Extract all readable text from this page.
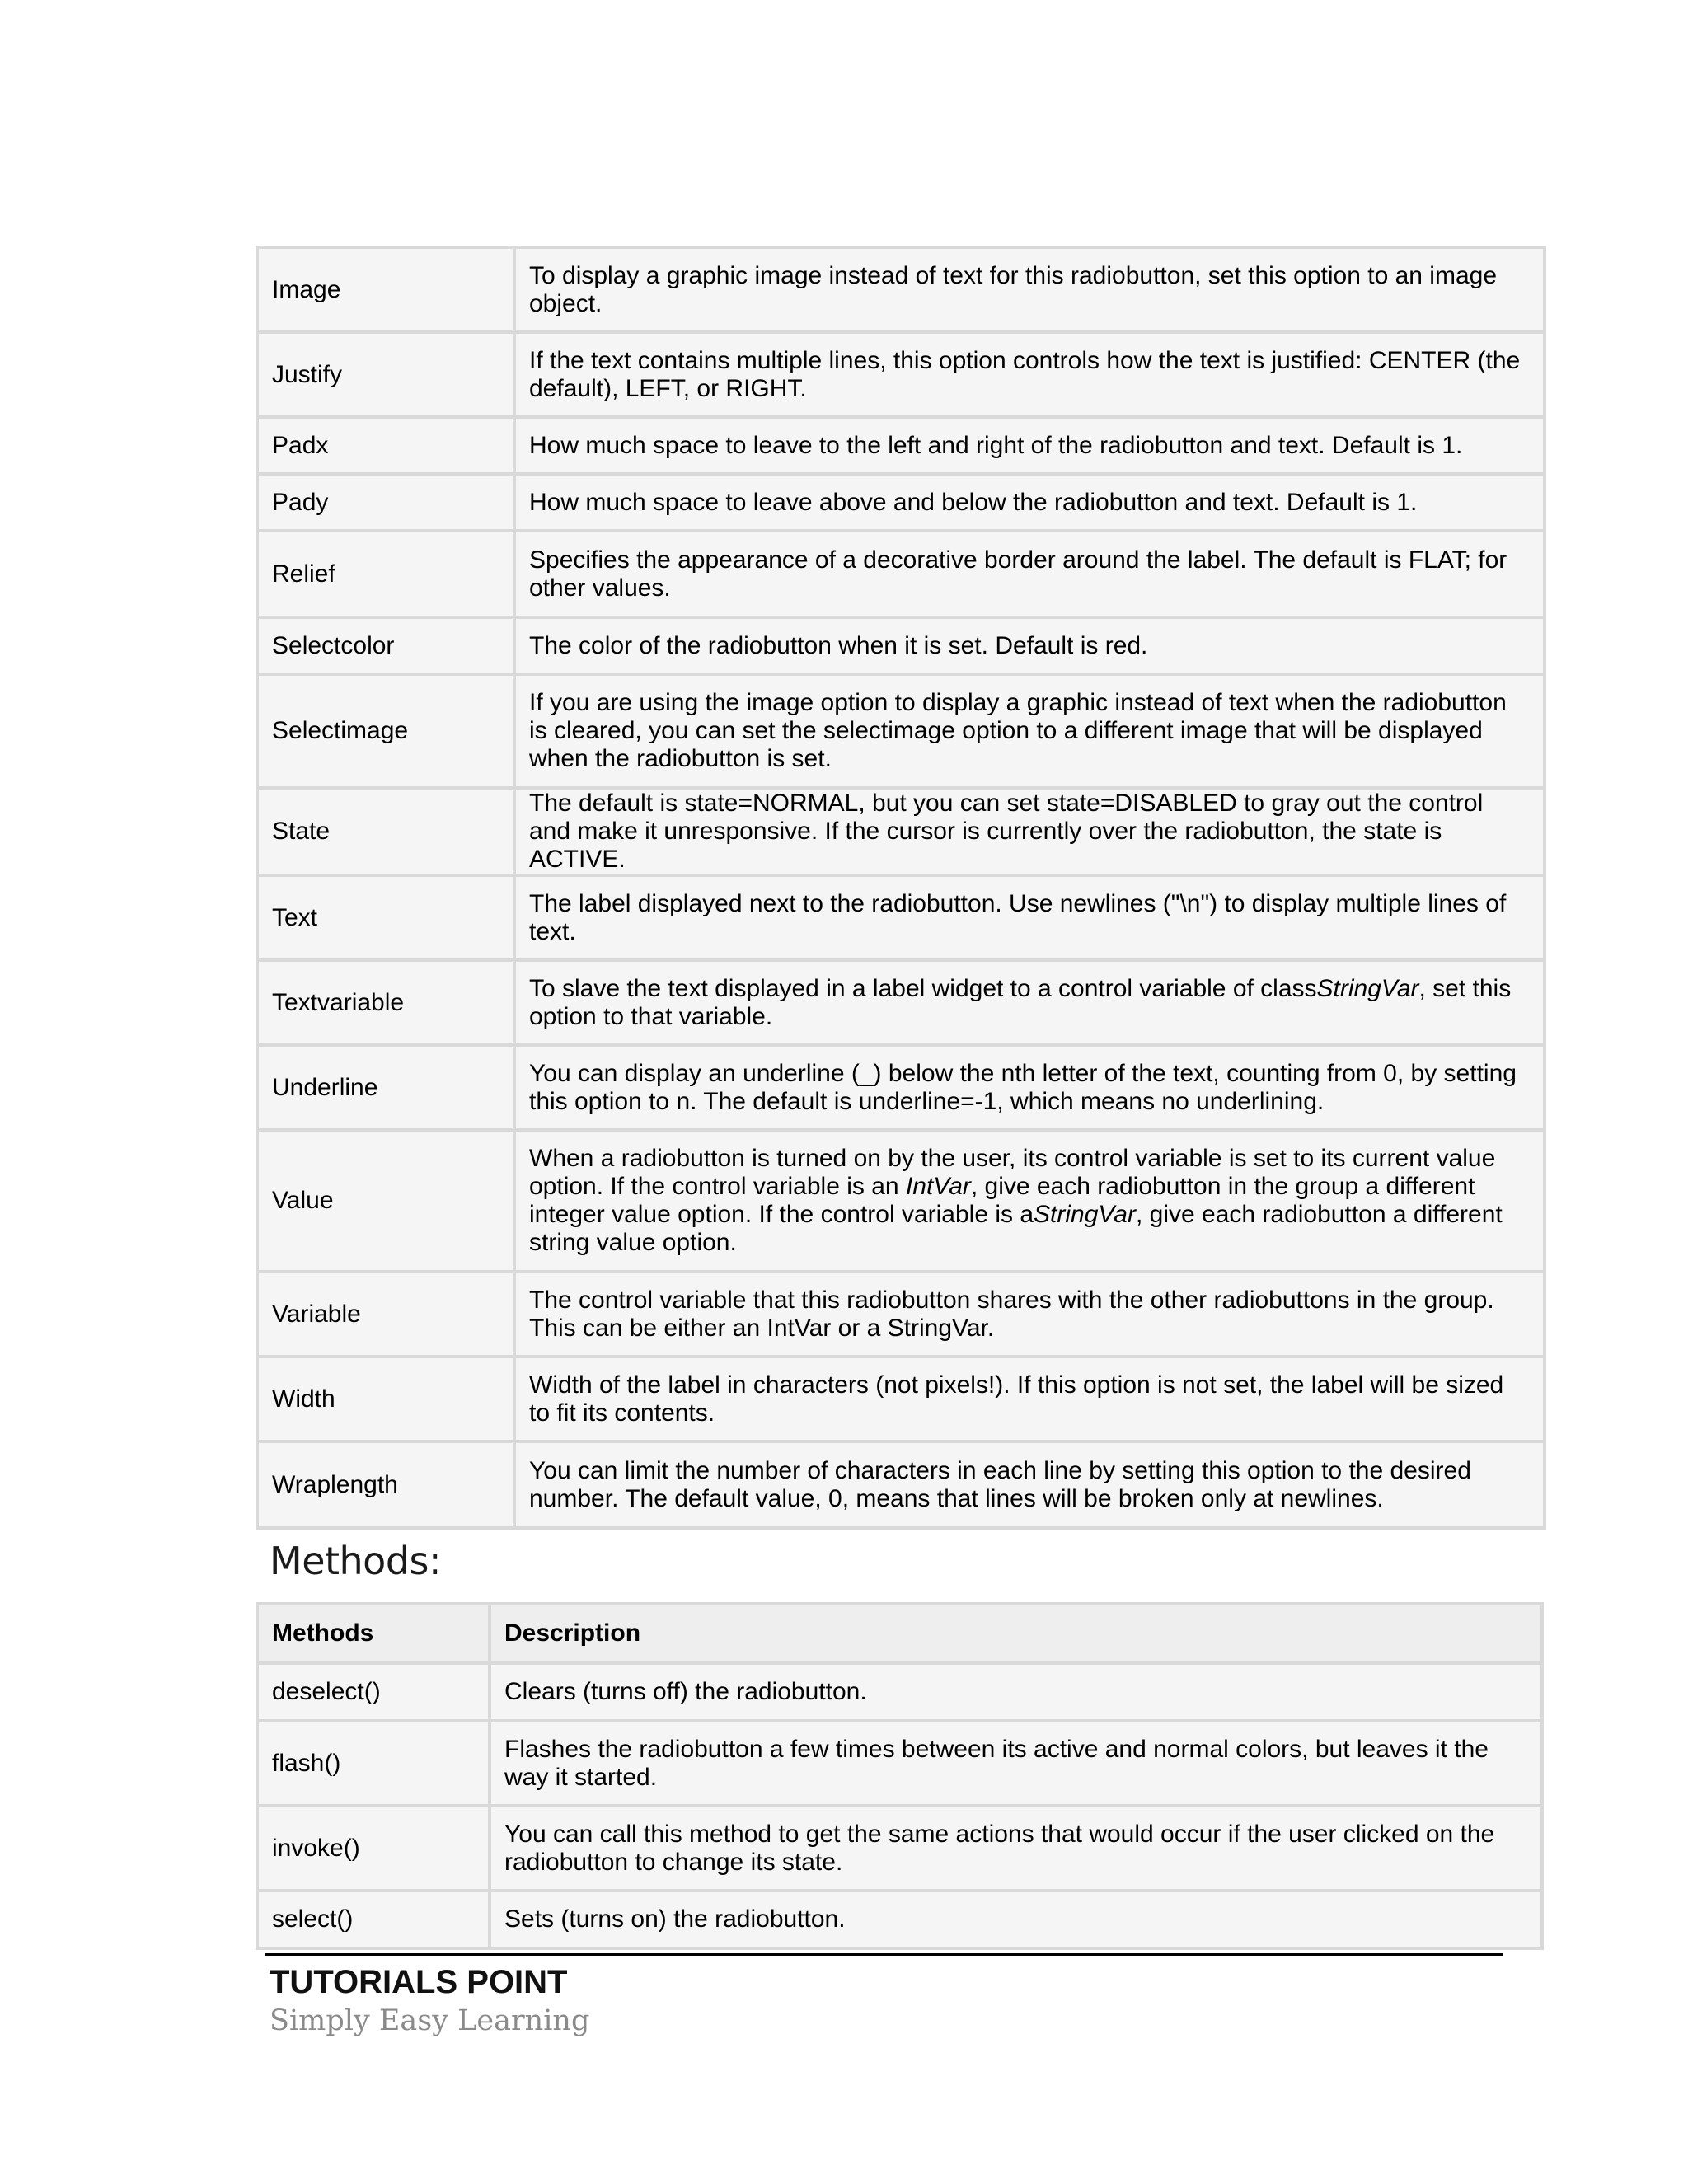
Image	To display a graphic image instead of text for this radiobutton, set this option to an image object.
Justify	If the text contains multiple lines, this option controls how the text is justified: CENTER (the default), LEFT, or RIGHT.
Padx	How much space to leave to the left and right of the radiobutton and text. Default is 1.
Pady	How much space to leave above and below the radiobutton and text. Default is 1.
Relief	Specifies the appearance of a decorative border around the label. The default is FLAT; for other values.
Selectcolor	The color of the radiobutton when it is set. Default is red.
Selectimage	If you are using the image option to display a graphic instead of text when the radiobutton is cleared, you can set the selectimage option to a different image that will be displayed when the radiobutton is set.
State	The default is state=NORMAL, but you can set state=DISABLED to gray out the control and make it unresponsive. If the cursor is currently over the radiobutton, the state is ACTIVE.
Text	The label displayed next to the radiobutton. Use newlines ("\n") to display multiple lines of text.
Textvariable	To slave the text displayed in a label widget to a control variable of classStringVar, set this option to that variable.
Underline	You can display an underline (_) below the nth letter of the text, counting from 0, by setting this option to n. The default is underline=-1, which means no underlining.
Value	When a radiobutton is turned on by the user, its control variable is set to its current value option. If the control variable is an IntVar, give each radiobutton in the group a different integer value option. If the control variable is aStringVar, give each radiobutton a different string value option.
Variable	The control variable that this radiobutton shares with the other radiobuttons in the group. This can be either an IntVar or a StringVar.
Width	Width of the label in characters (not pixels!). If this option is not set, the label will be sized to fit its contents.
Wraplength	You can limit the number of characters in each line by setting this option to the desired number. The default value, 0, means that lines will be broken only at newlines.
Methods:
Methods	Description
deselect()	Clears (turns off) the radiobutton.
flash()	Flashes the radiobutton a few times between its active and normal colors, but leaves it the way it started.
invoke()	You can call this method to get the same actions that would occur if the user clicked on the radiobutton to change its state.
select()	Sets (turns on) the radiobutton.
TUTORIALS POINT
Simply Easy Learning
